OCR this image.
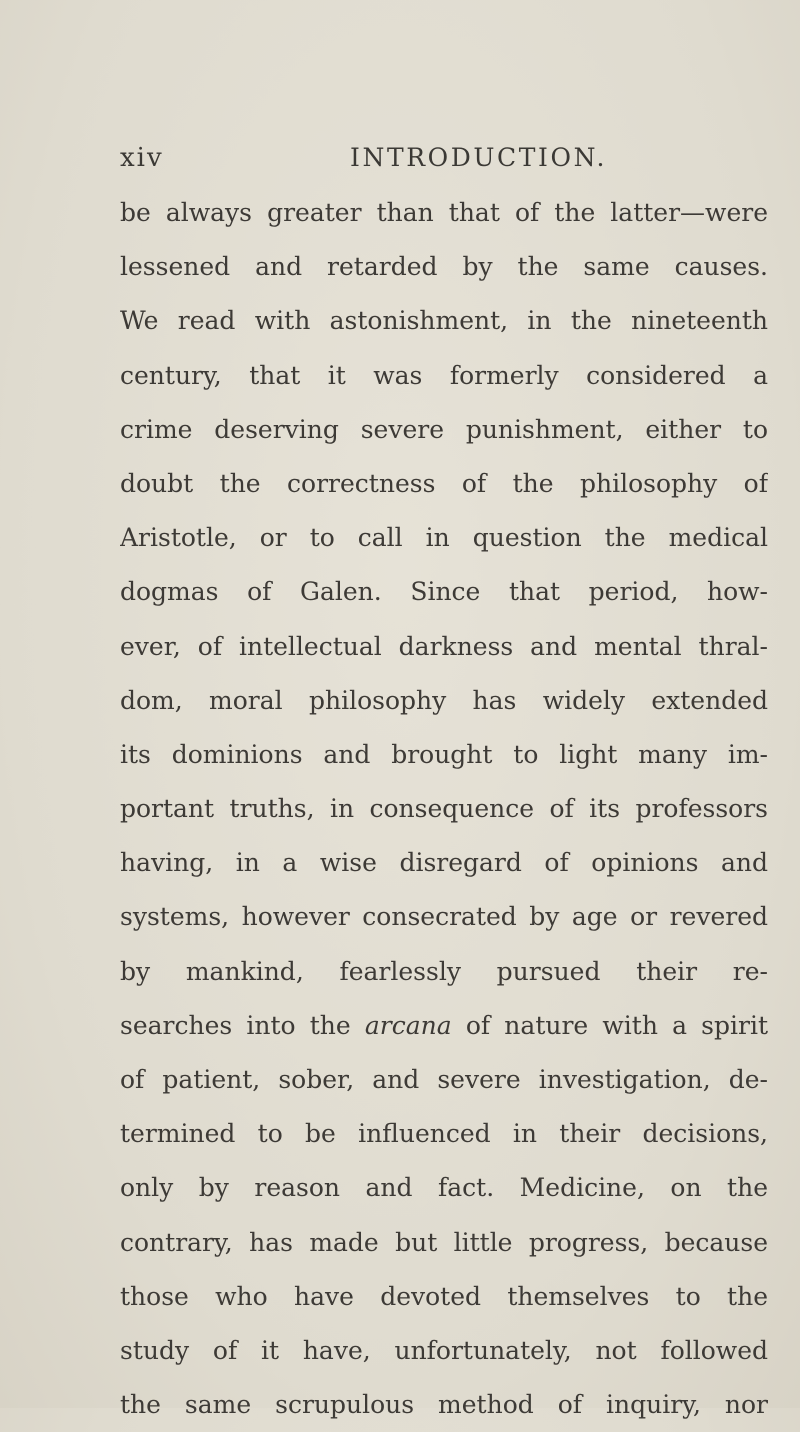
xiv	INTRODUCTION.
be always greater than that of the latter—were
lessened and retarded by the same causes.
We read with astonishment, in the nineteenth
century, that it was formerly considered a
crime deserving severe punishment, either to
doubt the correctness of the philosophy of
Aristotle, or to call in question the medical
dogmas of Galen. Since that period, how-
ever, of intellectual darkness and mental thral-
dom, moral philosophy has widely extended
its dominions and brought to light many im-
portant truths, in consequence of its professors
having, in a wise disregard of opinions and
systems, however consecrated by age or revered
by mankind, fearlessly pursued their re-
searches into the arcana of nature with a spirit
of patient, sober, and severe investigation, de-
termined to be influenced in their decisions,
only by reason and fact. Medicine, on the
contrary, has made but little progress, because
those who have devoted themselves to the
study of it have, unfortunately, not followed
the same scrupulous method of inquiry, nor
